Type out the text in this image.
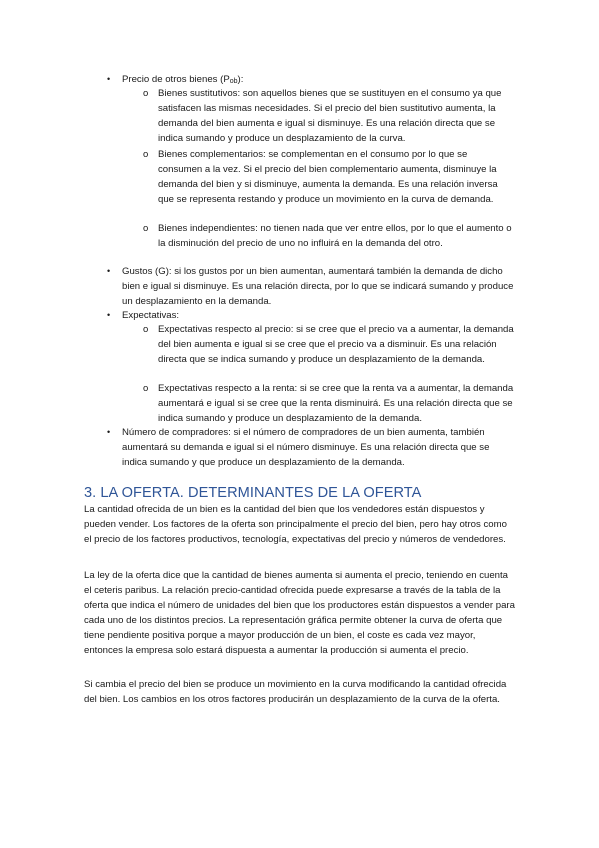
• Precio de otros bienes (Pob):
o Bienes sustitutivos: son aquellos bienes que se sustituyen en el consumo ya que satisfacen las mismas necesidades. Si el precio del bien sustitutivo aumenta, la demanda del bien aumenta e igual si disminuye. Es una relación directa que se indica sumando y produce un desplazamiento de la curva.
o Bienes complementarios: se complementan en el consumo por lo que se consumen a la vez. Si el precio del bien complementario aumenta, disminuye la demanda del bien y si disminuye, aumenta la demanda. Es una relación inversa que se representa restando y produce un movimiento en la curva de demanda.
o Bienes independientes: no tienen nada que ver entre ellos, por lo que el aumento o la disminución del precio de uno no influirá en la demanda del otro.
• Gustos (G): si los gustos por un bien aumentan, aumentará también la demanda de dicho bien e igual si disminuye. Es una relación directa, por lo que se indicará sumando y produce un desplazamiento en la demanda.
• Expectativas:
o Expectativas respecto al precio: si se cree que el precio va a aumentar, la demanda del bien aumenta e igual si se cree que el precio va a disminuir. Es una relación directa que se indica sumando y produce un desplazamiento de la demanda.
o Expectativas respecto a la renta: si se cree que la renta va a aumentar, la demanda aumentará e igual si se cree que la renta disminuirá. Es una relación directa que se indica sumando y produce un desplazamiento de la demanda.
• Número de compradores: si el número de compradores de un bien aumenta, también aumentará su demanda e igual si el número disminuye. Es una relación directa que se indica sumando y que produce un desplazamiento de la demanda.
3. LA OFERTA. DETERMINANTES DE LA OFERTA
La cantidad ofrecida de un bien es la cantidad del bien que los vendedores están dispuestos y pueden vender. Los factores de la oferta son principalmente el precio del bien, pero hay otros como el precio de los factores productivos, tecnología, expectativas del precio y números de vendedores.
La ley de la oferta dice que la cantidad de bienes aumenta si aumenta el precio, teniendo en cuenta el ceteris paribus. La relación precio-cantidad ofrecida puede expresarse a través de la tabla de la oferta que indica el número de unidades del bien que los productores están dispuestos a vender para cada uno de los distintos precios. La representación gráfica permite obtener la curva de oferta que tiene pendiente positiva porque a mayor producción de un bien, el coste es cada vez mayor, entonces la empresa solo estará dispuesta a aumentar la producción si aumenta el precio.
Si cambia el precio del bien se produce un movimiento en la curva modificando la cantidad ofrecida del bien. Los cambios en los otros factores producirán un desplazamiento de la curva de la oferta.
